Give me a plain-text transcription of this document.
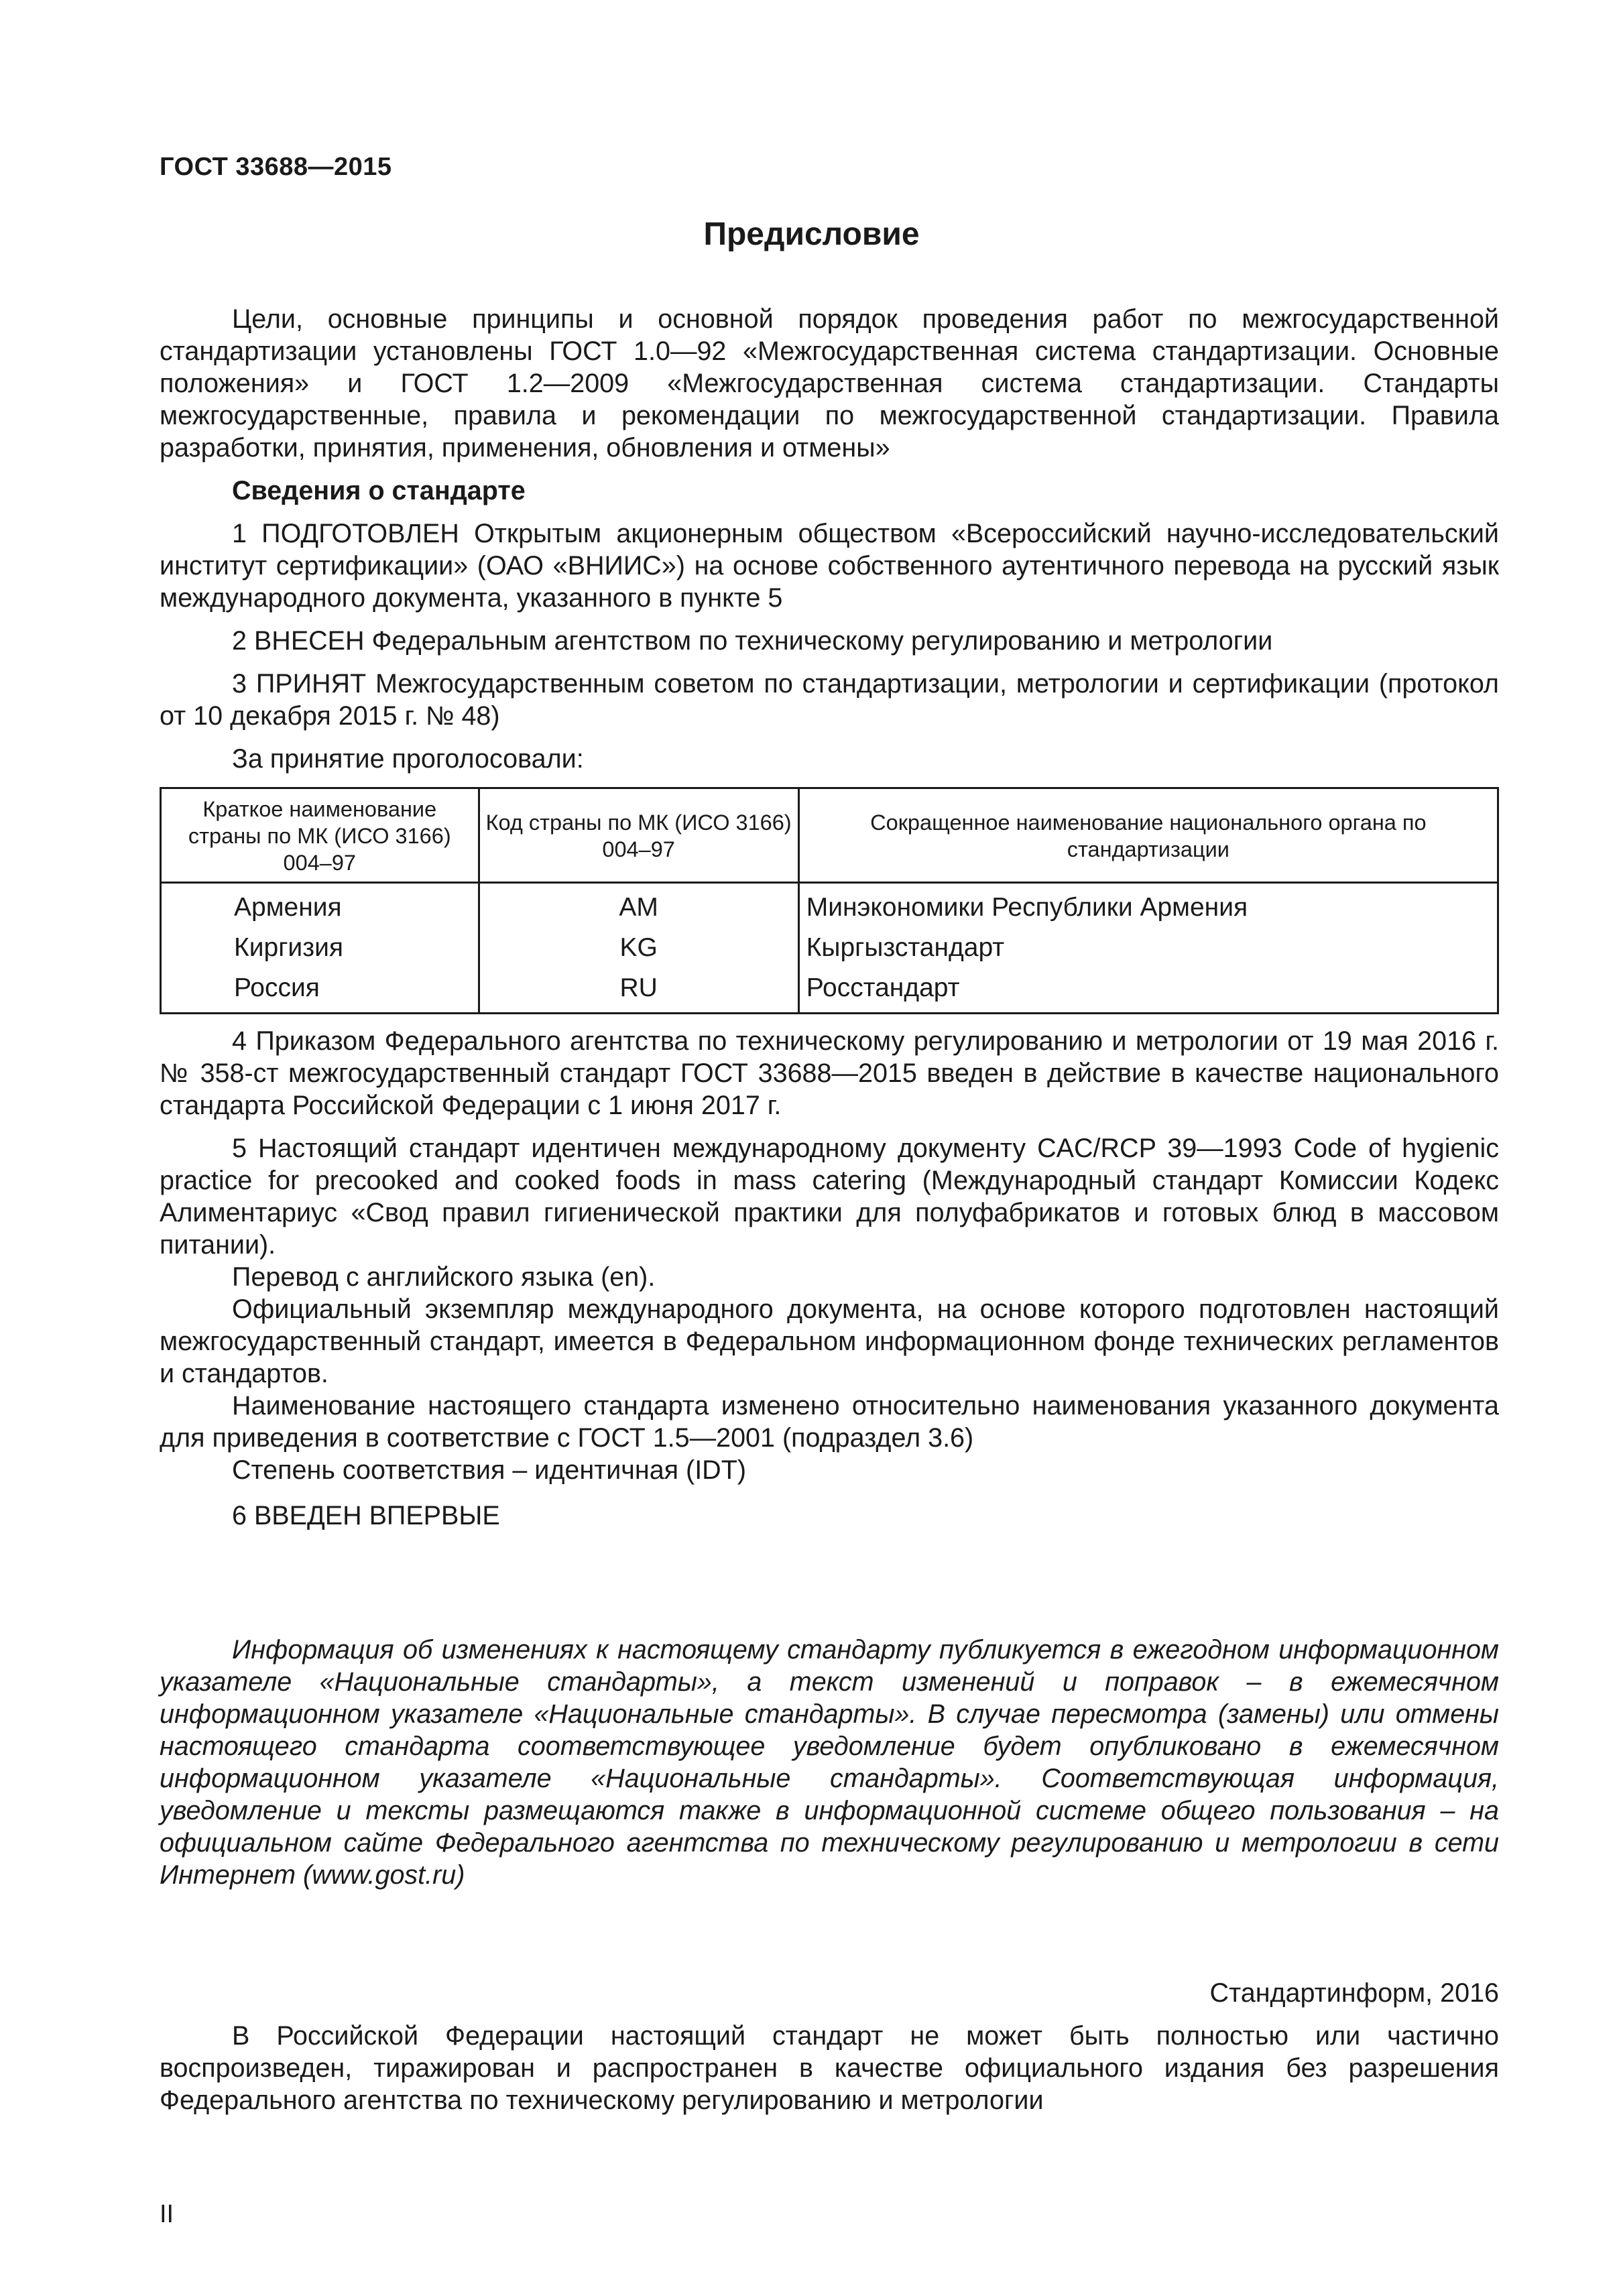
ГОСТ 33688—2015
Предисловие

Цели, основные принципы и основной порядок проведения работ по межгосударственной стандартизации установлены ГОСТ 1.0—92 «Межгосударственная система стандартизации. Основные положения» и ГОСТ 1.2—2009 «Межгосударственная система стандартизации. Стандарты межгосударственные, правила и рекомендации по межгосударственной стандартизации. Правила разработки, принятия, применения, обновления и отмены»

Сведения о стандарте

1 ПОДГОТОВЛЕН Открытым акционерным обществом «Всероссийский научно-исследовательский институт сертификации» (ОАО «ВНИИС») на основе собственного аутентичного перевода на русский язык международного документа, указанного в пункте 5

2 ВНЕСЕН Федеральным агентством по техническому регулированию и метрологии

3 ПРИНЯТ Межгосударственным советом по стандартизации, метрологии и сертификации (протокол от 10 декабря 2015 г. № 48)

За принятие проголосовали:

Краткое наименование страны по МК (ИСО 3166) 004–97	Код страны по МК (ИСО 3166) 004–97	Сокращенное наименование национального органа по стандартизации
Армения	AM	Минэкономики Республики Армения
Киргизия	KG	Кыргызстандарт
Россия	RU	Росстандарт

4 Приказом Федерального агентства по техническому регулированию и метрологии от 19 мая 2016 г. № 358-ст межгосударственный стандарт ГОСТ 33688—2015 введен в действие в качестве национального стандарта Российской Федерации с 1 июня 2017 г.

5 Настоящий стандарт идентичен международному документу CAC/RCP 39—1993 Code of hygienic practice for precooked and cooked foods in mass catering (Международный стандарт Комиссии Кодекс Алиментариус «Свод правил гигиенической практики для полуфабрикатов и готовых блюд в массовом питании).

Перевод с английского языка (en).

Официальный экземпляр международного документа, на основе которого подготовлен настоящий межгосударственный стандарт, имеется в Федеральном информационном фонде технических регламентов и стандартов.

Наименование настоящего стандарта изменено относительно наименования указанного документа для приведения в соответствие с ГОСТ 1.5—2001 (подраздел 3.6)

Степень соответствия – идентичная (IDT)

6 ВВЕДЕН ВПЕРВЫЕ

Информация об изменениях к настоящему стандарту публикуется в ежегодном информационном указателе «Национальные стандарты», а текст изменений и поправок – в ежемесячном информационном указателе «Национальные стандарты». В случае пересмотра (замены) или отмены настоящего стандарта соответствующее уведомление будет опубликовано в ежемесячном информационном указателе «Национальные стандарты». Соответствующая информация, уведомление и тексты размещаются также в информационной системе общего пользования – на официальном сайте Федерального агентства по техническому регулированию и метрологии в сети Интернет (www.gost.ru)

Стандартинформ, 2016

В Российской Федерации настоящий стандарт не может быть полностью или частично воспроизведен, тиражирован и распространен в качестве официального издания без разрешения Федерального агентства по техническому регулированию и метрологии

II
